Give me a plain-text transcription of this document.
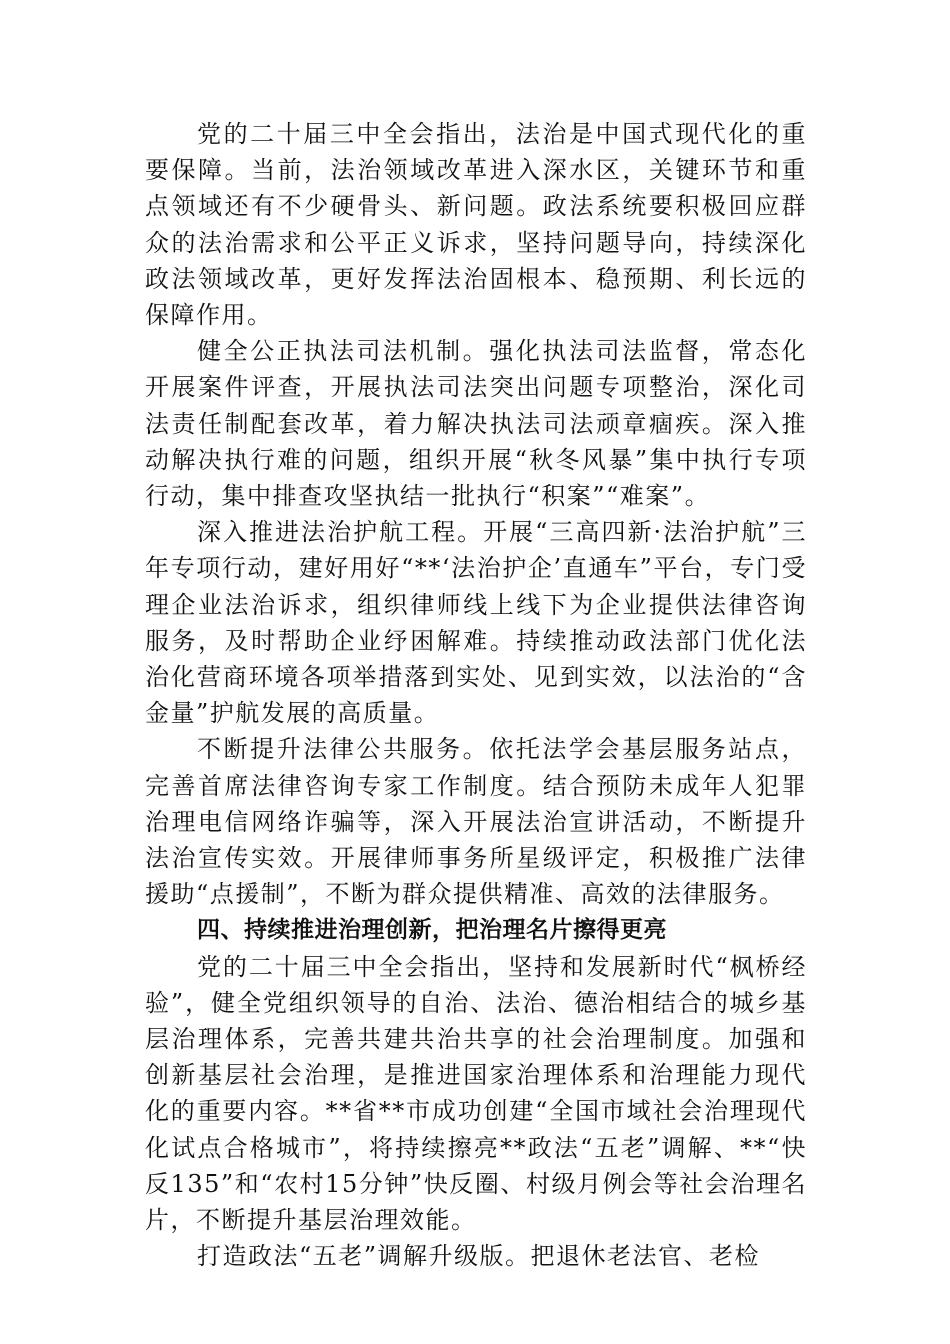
党的二十届三中全会指出，法治是中国式现代化的重要保障。当前，法治领域改革进入深水区，关键环节和重点领域还有不少硬骨头、新问题。政法系统要积极回应群众的法治需求和公平正义诉求，坚持问题导向，持续深化政法领域改革，更好发挥法治固根本、稳预期、利长远的保障作用。

健全公正执法司法机制。强化执法司法监督，常态化开展案件评查，开展执法司法突出问题专项整治，深化司法责任制配套改革，着力解决执法司法顽章痼疾。深入推动解决执行难的问题，组织开展“秋冬风暴”集中执行专项行动，集中排查攻坚执结一批执行“积案”“难案”。

深入推进法治护航工程。开展“三高四新·法治护航”三年专项行动，建好用好“**‘法治护企’直通车”平台，专门受理企业法治诉求，组织律师线上线下为企业提供法律咨询服务，及时帮助企业纾困解难。持续推动政法部门优化法治化营商环境各项举措落到实处、见到实效，以法治的“含金量”护航发展的高质量。

不断提升法律公共服务。依托法学会基层服务站点，完善首席法律咨询专家工作制度。结合预防未成年人犯罪治理电信网络诈骗等，深入开展法治宣讲活动，不断提升法治宣传实效。开展律师事务所星级评定，积极推广法律援助“点援制”，不断为群众提供精准、高效的法律服务。

四、持续推进治理创新，把治理名片擦得更亮

党的二十届三中全会指出，坚持和发展新时代“枫桥经验”，健全党组织领导的自治、法治、德治相结合的城乡基层治理体系，完善共建共治共享的社会治理制度。加强和创新基层社会治理，是推进国家治理体系和治理能力现代化的重要内容。**省**市成功创建“全国市域社会治理现代化试点合格城市”，将持续擦亮**政法“五老”调解、**“快反135”和“农村15分钟”快反圈、村级月例会等社会治理名片，不断提升基层治理效能。

打造政法“五老”调解升级版。把退休老法官、老检
